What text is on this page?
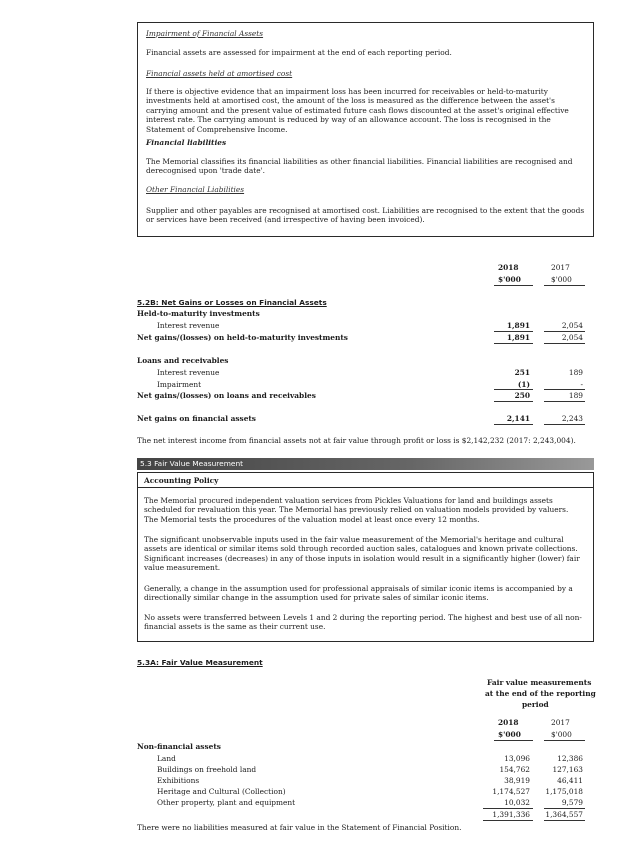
Impairment of Financial Assets

Financial assets are assessed for impairment at the end of each reporting period.

Financial assets held at amortised cost

If there is objective evidence that an impairment loss has been incurred for receivables or held-to-maturity investments held at amortised cost, the amount of the loss is measured as the difference between the asset's carrying amount and the present value of estimated future cash flows discounted at the asset's original effective interest rate. The carrying amount is reduced by way of an allowance account. The loss is recognised in the Statement of Comprehensive Income.

Financial liabilities

The Memorial classifies its financial liabilities as other financial liabilities. Financial liabilities are recognised and derecognised upon 'trade date'.

Other Financial Liabilities

Supplier and other payables are recognised at amortised cost. Liabilities are recognised to the extent that the goods or services have been received (and irrespective of having been invoiced).

2018	2017
$'000	$'000
5.2B: Net Gains or Losses on Financial Assets
Held-to-maturity investments
Interest revenue	1,891	2,054
Net gains/(losses) on held-to-maturity investments	1,891	2,054
Loans and receivables
Interest revenue	251	189
Impairment	(1)	-
Net gains/(losses) on loans and receivables	250	189
Net gains on financial assets	2,141	2,243

The net interest income from financial assets not at fair value through profit or loss is $2,142,232 (2017: 2,243,004).

5.3 Fair Value Measurement
Accounting Policy

The Memorial procured independent valuation services from Pickles Valuations for land and buildings assets scheduled for revaluation this year. The Memorial has previously relied on valuation models provided by valuers. The Memorial tests the procedures of the valuation model at least once every 12 months.

The significant unobservable inputs used in the fair value measurement of the Memorial's heritage and cultural assets are identical or similar items sold through recorded auction sales, catalogues and known private collections. Significant increases (decreases) in any of those inputs in isolation would result in a significantly higher (lower) fair value measurement.

Generally, a change in the assumption used for professional appraisals of similar iconic items is accompanied by a directionally similar change in the assumption used for private sales of similar iconic items.

No assets were transferred between Levels 1 and 2 during the reporting period. The highest and best use of all non-financial assets is the same as their current use.

5.3A: Fair Value Measurement
Fair value measurements
at the end of the reporting
period
2018	2017
$'000	$'000
Non-financial assets
Land	13,096	12,386
Buildings on freehold land	154,762	127,163
Exhibitions	38,919	46,411
Heritage and Cultural (Collection)	1,174,527	1,175,018
Other property, plant and equipment	10,032	9,579
1,391,336	1,364,557

There were no liabilities measured at fair value in the Statement of Financial Position.
